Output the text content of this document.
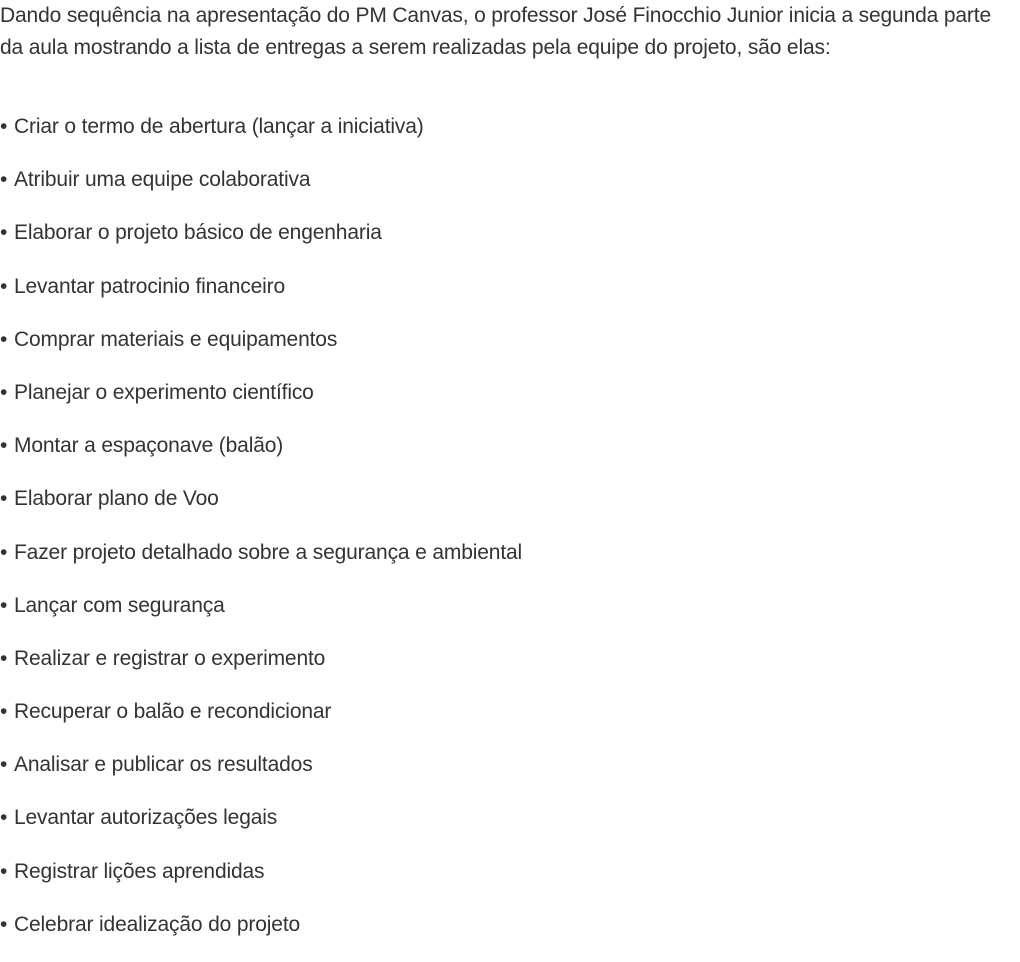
Dando sequência na apresentação do PM Canvas, o professor José Finocchio Junior inicia a segunda parte da aula mostrando a lista de entregas a serem realizadas pela equipe do projeto, são elas:

• Criar o termo de abertura (lançar a iniciativa)
• Atribuir uma equipe colaborativa
• Elaborar o projeto básico de engenharia
• Levantar patrocinio financeiro
• Comprar materiais e equipamentos
• Planejar o experimento científico
• Montar a espaçonave (balão)
• Elaborar plano de Voo
• Fazer projeto detalhado sobre a segurança e ambiental
• Lançar com segurança
• Realizar e registrar o experimento
• Recuperar o balão e recondicionar
• Analisar e publicar os resultados
• Levantar autorizações legais
• Registrar lições aprendidas
• Celebrar idealização do projeto
